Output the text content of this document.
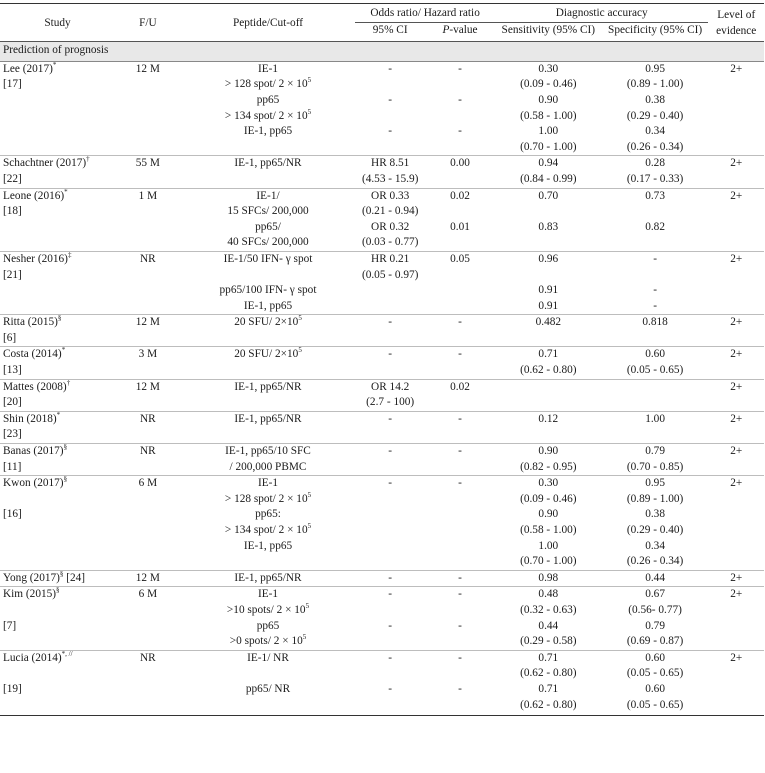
Study	F/U	Peptide/Cut-off	Odds ratio/ Hazard ratio		Diagnostic accuracy		Level of
evidence

			95% CI	P-value	Sensitivity (95% CI)	Specificity (95% CI)	
Prediction of prognosis							
Lee (2017)*	12 M	IE-1	-	-	0.30	0.95	2+
[17]		> 128 spot/ $2 \times 10^5$			(0.09 - 0.46)	(0.89 - 1.00)	
		pp65	-	-	0.90	0.38	
		> 134 spot/ $2 \times 10^5$			(0.58 - 1.00)	(0.29 - 0.40)	
		IE-1, pp65	-	-	1.00	0.34	
					(0.70 - 1.00)	(0.26 - 0.34)	
Schachtner (2017)†	55 M	IE-1, pp65/NR	HR 8.51	0.00	0.94	0.28	2+
[22]			(4.53 - 15.9)		(0.84 - 0.99)	(0.17 - 0.33)	
Leone (2016)*	1 M	IE-1/	OR 0.33	0.02	0.70	0.73	2+
[18]		15 SFCs/ 200,000	(0.21 - 0.94)				
		pp65/	OR 0.32	0.01	0.83	0.82	
		40 SFCs/ 200,000	(0.03 - 0.77)				
Nesher (2016)‡	NR	IE-1/50 IFN- γ spot	HR 0.21	0.05	0.96	-	2+
[21]			(0.05 - 0.97)				
		pp65/100 IFN- γ spot			0.91	-	
		IE-1, pp65			0.91	-	
Ritta (2015)§	12 M	20 SFU/ $2\times 10^5$	-	-	0.482	0.818	2+
[6]							
Costa (2014)*	3 M	20 SFU/ $2\times 10^5$	-	-	0.71	0.60	2+
[13]					(0.62 - 0.80)	(0.05 - 0.65)	
Mattes (2008)†	12 M	IE-1, pp65/NR	OR 14.2	0.02			2+
[20]			(2.7 - 100)				
Shin (2018)*	NR	IE-1, pp65/NR	-	-	0.12	1.00	2+
[23]							
Banas (2017)§	NR	IE-1, pp65/10 SFC	-	-	0.90	0.79	2+
[11]		/ 200,000 PBMC			(0.82 - 0.95)	(0.70 - 0.85)	
Kwon (2017)§	6 M	IE-1	-	-	0.30	0.95	2+
		> 128 spot/ $2 \times 10^5$			(0.09 - 0.46)	(0.89 - 1.00)	
[16]		pp65:			0.90	0.38	
		> 134 spot/ $2 \times 10^5$			(0.58 - 1.00)	(0.29 - 0.40)	
		IE-1, pp65			1.00	0.34	
					(0.70 - 1.00)	(0.26 - 0.34)	
Yong (2017)§ [24]	12 M	IE-1, pp65/NR	-	-	0.98	0.44	2+
Kim (2015)§	6 M	IE-1	-	-	0.48	0.67	2+
		>10 spots/ $2 \times 10^5$			(0.32 - 0.63)	(0.56- 0.77)	
[7]		pp65	-	-	0.44	0.79	
		>0 spots/ $2 \times 10^5$			(0.29 - 0.58)	(0.69 - 0.87)	
Lucia (2014)*, //	NR	IE-1/ NR	-	-	0.71	0.60	2+
					(0.62 - 0.80)	(0.05 - 0.65)	
[19]		pp65/ NR	-	-	0.71	0.60	
					(0.62 - 0.80)	(0.05 - 0.65)	
